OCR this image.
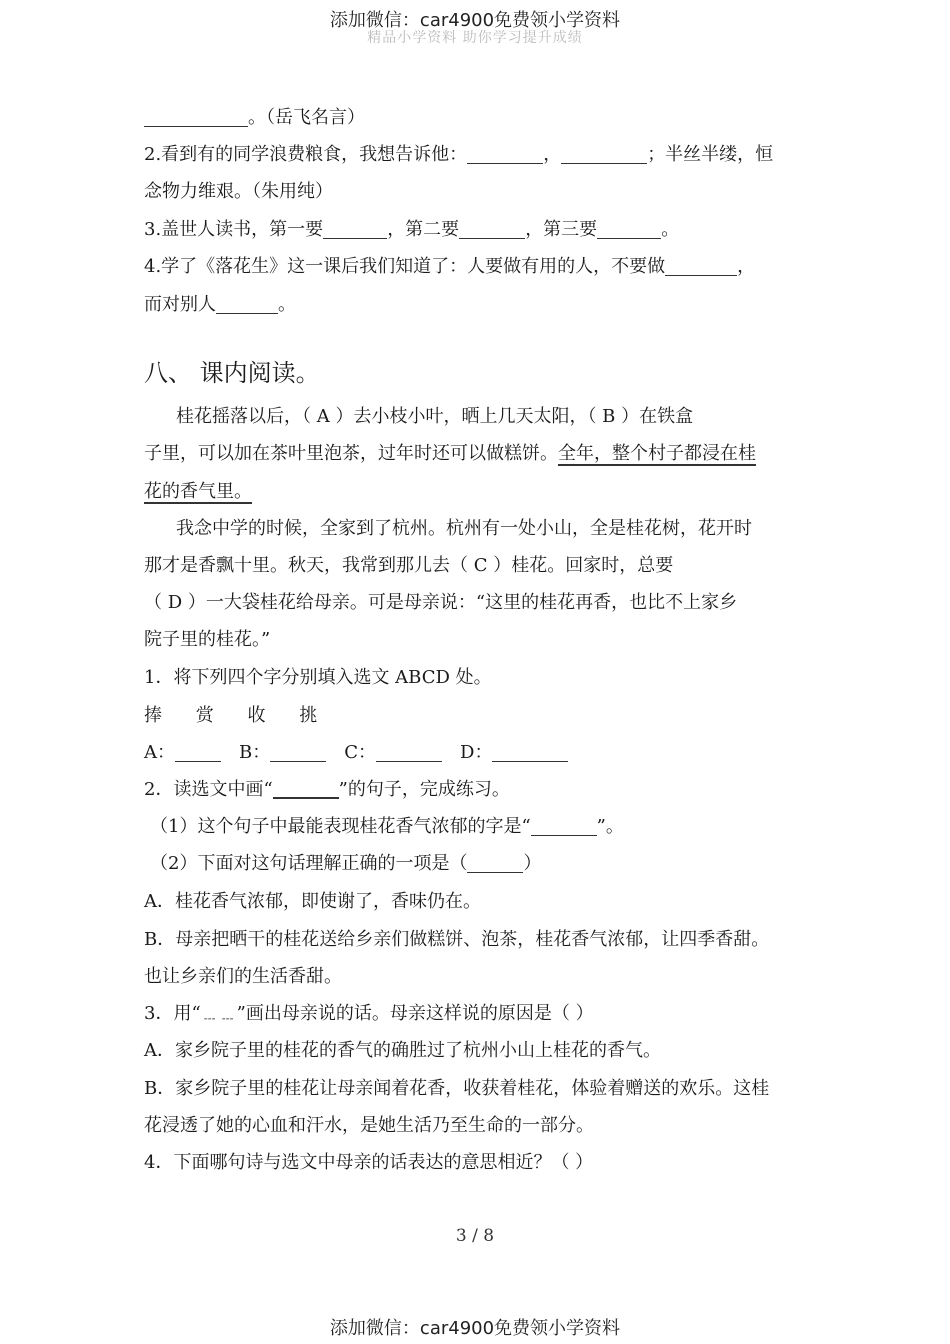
添加微信：car4900免费领小学资料
精品小学资料 助你学习提升成绩
。（岳飞名言）
2.看到有的同学浪费粮食，我想告诉他：	，	；半丝半缕，恒
念物力维艰。（朱用纯）
3.盖世人读书，第一要	，第二要	，第三要	。
4.学了《落花生》这一课后我们知道了：人要做有用的人，不要做	，
而对别人	。
八、 课内阅读。
桂花摇落以后，（ A ）去小枝小叶，晒上几天太阳，（ B ）在铁盒
子里，可以加在茶叶里泡茶，过年时还可以做糕饼。全年，整个村子都浸在桂
花的香气里。
我念中学的时候，全家到了杭州。杭州有一处小山，全是桂花树，花开时
那才是香飘十里。秋天，我常到那儿去（ C ）桂花。回家时，总要
（ D ）一大袋桂花给母亲。可是母亲说：“这里的桂花再香，也比不上家乡
院子里的桂花。”
1．将下列四个字分别填入选文 ABCD 处。
捧 赏 收 挑
A：	B：	C：	D：
2．读选文中画“	”的句子，完成练习。
（1）这个句子中最能表现桂花香气浓郁的字是“	”。
（2）下面对这句话理解正确的一项是（	）
A．桂花香气浓郁，即使谢了，香味仍在。
B．母亲把晒干的桂花送给乡亲们做糕饼、泡茶，桂花香气浓郁，让四季香甜。
也让乡亲们的生活香甜。
3．用“﹍﹍”画出母亲说的话。母亲这样说的原因是（ ）
A．家乡院子里的桂花的香气的确胜过了杭州小山上桂花的香气。
B．家乡院子里的桂花让母亲闻着花香，收获着桂花，体验着赠送的欢乐。这桂
花浸透了她的心血和汗水，是她生活乃至生命的一部分。
4．下面哪句诗与选文中母亲的话表达的意思相近？（ ）
3 / 8
添加微信：car4900免费领小学资料
